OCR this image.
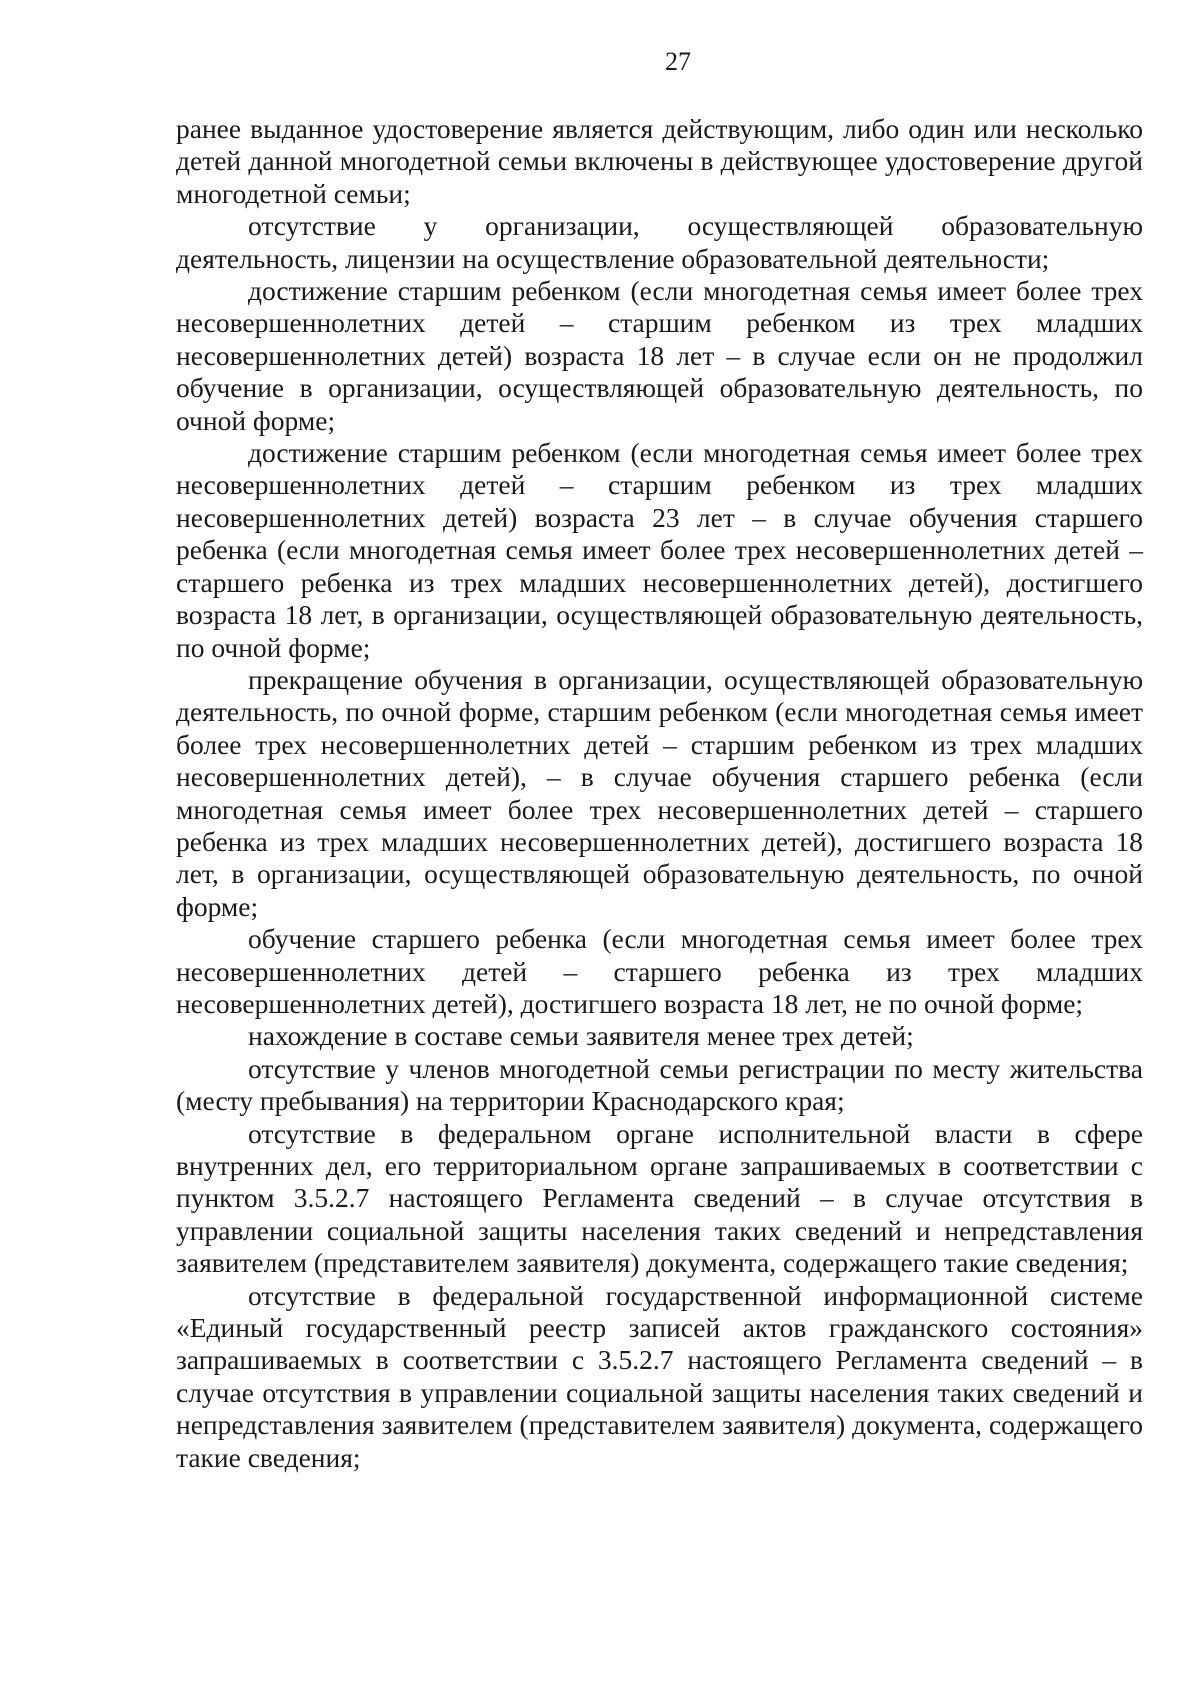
27

ранее выданное удостоверение является действующим, либо один или несколько детей данной многодетной семьи включены в действующее удостоверение другой многодетной семьи;

отсутствие у организации, осуществляющей образовательную деятельность, лицензии на осуществление образовательной деятельности;

достижение старшим ребенком (если многодетная семья имеет более трех несовершеннолетних детей – старшим ребенком из трех младших несовершеннолетних детей) возраста 18 лет – в случае если он не продолжил обучение в организации, осуществляющей образовательную деятельность, по очной форме;

достижение старшим ребенком (если многодетная семья имеет более трех несовершеннолетних детей – старшим ребенком из трех младших несовершеннолетних детей) возраста 23 лет – в случае обучения старшего ребенка (если многодетная семья имеет более трех несовершеннолетних детей – старшего ребенка из трех младших несовершеннолетних детей), достигшего возраста 18 лет, в организации, осуществляющей образовательную деятельность, по очной форме;

прекращение обучения в организации, осуществляющей образовательную деятельность, по очной форме, старшим ребенком (если многодетная семья имеет более трех несовершеннолетних детей – старшим ребенком из трех младших несовершеннолетних детей), – в случае обучения старшего ребенка (если многодетная семья имеет более трех несовершеннолетних детей – старшего ребенка из трех младших несовершеннолетних детей), достигшего возраста 18 лет, в организации, осуществляющей образовательную деятельность, по очной форме;

обучение старшего ребенка (если многодетная семья имеет более трех несовершеннолетних детей – старшего ребенка из трех младших несовершеннолетних детей), достигшего возраста 18 лет, не по очной форме;

нахождение в составе семьи заявителя менее трех детей;

отсутствие у членов многодетной семьи регистрации по месту жительства (месту пребывания) на территории Краснодарского края;

отсутствие в федеральном органе исполнительной власти в сфере внутренних дел, его территориальном органе запрашиваемых в соответствии с пунктом 3.5.2.7 настоящего Регламента сведений – в случае отсутствия в управлении социальной защиты населения таких сведений и непредставления заявителем (представителем заявителя) документа, содержащего такие сведения;

отсутствие в федеральной государственной информационной системе «Единый государственный реестр записей актов гражданского состояния» запрашиваемых в соответствии с 3.5.2.7 настоящего Регламента сведений – в случае отсутствия в управлении социальной защиты населения таких сведений и непредставления заявителем (представителем заявителя) документа, содержащего такие сведения;
